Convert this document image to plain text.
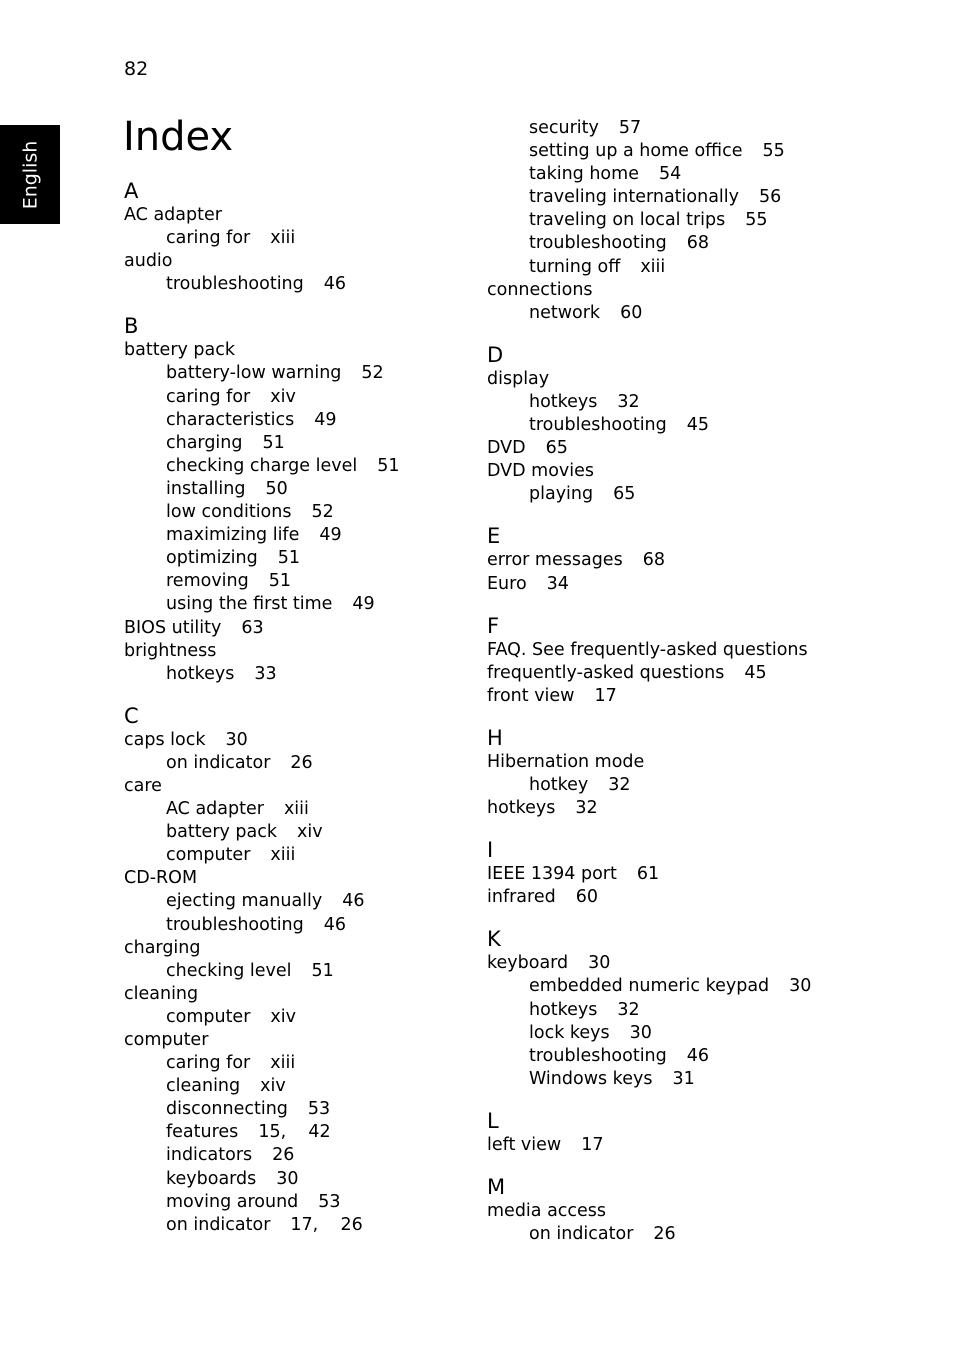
82
English
Index
A
AC adapter
caring for xiii
audio
troubleshooting 46
B
battery pack
battery-low warning 52
caring for xiv
characteristics 49
charging 51
checking charge level 51
installing 50
low conditions 52
maximizing life 49
optimizing 51
removing 51
using the first time 49
BIOS utility 63
brightness
hotkeys 33
C
caps lock 30
on indicator 26
care
AC adapter xiii
battery pack xiv
computer xiii
CD-ROM
ejecting manually 46
troubleshooting 46
charging
checking level 51
cleaning
computer xiv
computer
caring for xiii
cleaning xiv
disconnecting 53
features 15,    42
indicators 26
keyboards 30
moving around 53
on indicator 17,    26
security 57
setting up a home office 55
taking home 54
traveling internationally 56
traveling on local trips 55
troubleshooting 68
turning off xiii
connections
network 60
D
display
hotkeys 32
troubleshooting 45
DVD 65
DVD movies
playing 65
E
error messages 68
Euro 34
F
FAQ. See frequently-asked questions
frequently-asked questions 45
front view 17
H
Hibernation mode
hotkey 32
hotkeys 32
I
IEEE 1394 port 61
infrared 60
K
keyboard 30
embedded numeric keypad 30
hotkeys 32
lock keys 30
troubleshooting 46
Windows keys 31
L
left view 17
M
media access
on indicator 26
